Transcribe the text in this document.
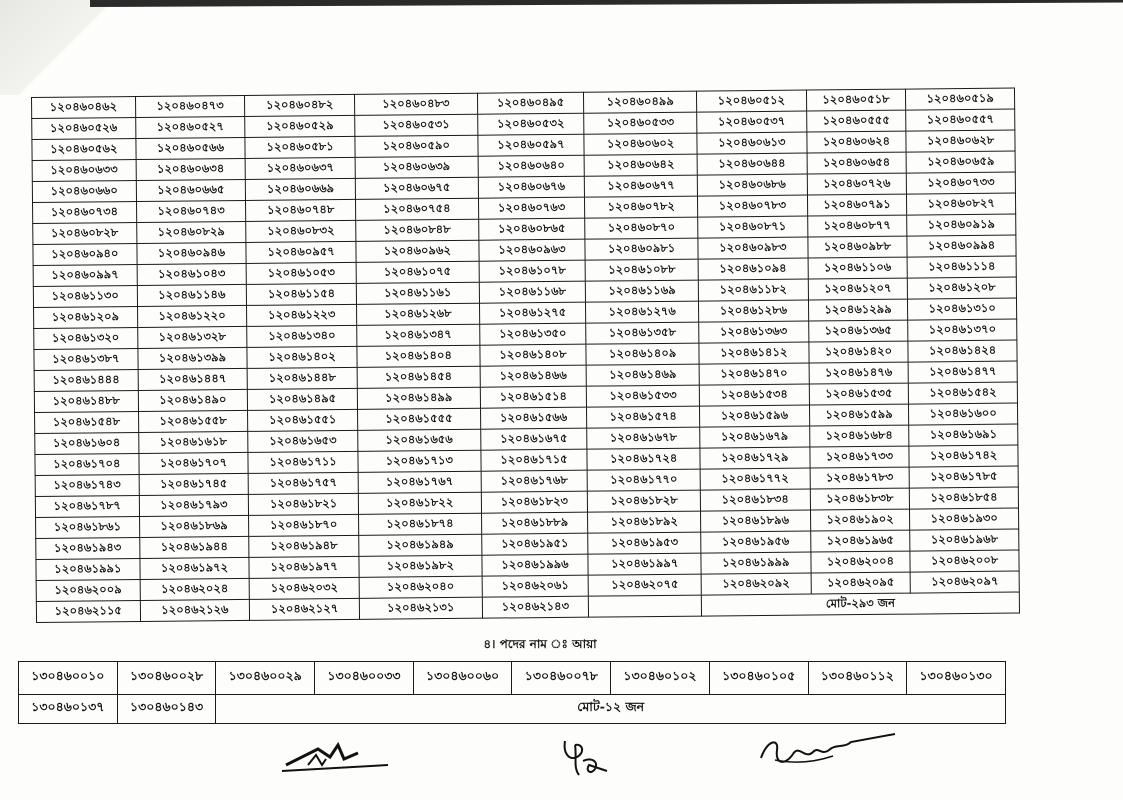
১২০৪৬০৪৬২	১২০৪৬০৪৭৩	১২০৪৬০৪৮২	১২০৪৬০৪৮৩	১২০৪৬০৪৯৫	১২০৪৬০৪৯৯	১২০৪৬০৫১২	১২০৪৬০৫১৮	১২০৪৬০৫১৯
১২০৪৬০৫২৬	১২০৪৬০৫২৭	১২০৪৬০৫২৯	১২০৪৬০৫৩১	১২০৪৬০৫৩২	১২০৪৬০৫৩৩	১২০৪৬০৫৩৭	১২০৪৬০৫৫৫	১২০৪৬০৫৫৭
১২০৪৬০৫৬২	১২০৪৬০৫৬৬	১২০৪৬০৫৮১	১২০৪৬০৫৯০	১২০৪৬০৫৯৭	১২০৪৬০৬০২	১২০৪৬০৬১৩	১২০৪৬০৬২৪	১২০৪৬০৬২৮
১২০৪৬০৬৩৩	১২০৪৬০৬৩৪	১২০৪৬০৬৩৭	১২০৪৬০৬৩৯	১২০৪৬০৬৪০	১২০৪৬০৬৪২	১২০৪৬০৬৪৪	১২০৪৬০৬৫৪	১২০৪৬০৬৫৯
১২০৪৬০৬৬০	১২০৪৬০৬৬৫	১২০৪৬০৬৬৯	১২০৪৬০৬৭৫	১২০৪৬০৬৭৬	১২০৪৬০৬৭৭	১২০৪৬০৬৮৬	১২০৪৬০৭২৬	১২০৪৬০৭৩৩
১২০৪৬০৭৩৪	১২০৪৬০৭৪৩	১২০৪৬০৭৪৮	১২০৪৬০৭৫৪	১২০৪৬০৭৬৩	১২০৪৬০৭৮২	১২০৪৬০৭৮৩	১২০৪৬০৭৯১	১২০৪৬০৮২৭
১২০৪৬০৮২৮	১২০৪৬০৮২৯	১২০৪৬০৮৩২	১২০৪৬০৮৪৮	১২০৪৬০৮৬৫	১২০৪৬০৮৭০	১২০৪৬০৮৭১	১২০৪৬০৮৭৭	১২০৪৬০৯১৯
১২০৪৬০৯৪০	১২০৪৬০৯৪৬	১২০৪৬০৯৫৭	১২০৪৬০৯৬২	১২০৪৬০৯৬৩	১২০৪৬০৯৮১	১২০৪৬০৯৮৩	১২০৪৬০৯৮৮	১২০৪৬০৯৯৪
১২০৪৬০৯৯৭	১২০৪৬১০৪৩	১২০৪৬১০৫৩	১২০৪৬১০৭৫	১২০৪৬১০৭৮	১২০৪৬১০৮৮	১২০৪৬১০৯৪	১২০৪৬১১০৬	১২০৪৬১১১৪
১২০৪৬১১৩০	১২০৪৬১১৪৬	১২০৪৬১১৫৪	১২০৪৬১১৬১	১২০৪৬১১৬৮	১২০৪৬১১৬৯	১২০৪৬১১৮২	১২০৪৬১২০৭	১২০৪৬১২০৮
১২০৪৬১২০৯	১২০৪৬১২২০	১২০৪৬১২২৩	১২০৪৬১২৬৮	১২০৪৬১২৭৫	১২০৪৬১২৭৬	১২০৪৬১২৮৬	১২০৪৬১২৯৯	১২০৪৬১৩১০
১২০৪৬১৩২০	১২০৪৬১৩২৮	১২০৪৬১৩৪০	১২০৪৬১৩৪৭	১২০৪৬১৩৫০	১২০৪৬১৩৫৮	১২০৪৬১৩৬৩	১২০৪৬১৩৬৫	১২০৪৬১৩৭০
১২০৪৬১৩৮৭	১২০৪৬১৩৯৯	১২০৪৬১৪০২	১২০৪৬১৪০৪	১২০৪৬১৪০৮	১২০৪৬১৪০৯	১২০৪৬১৪১২	১২০৪৬১৪২০	১২০৪৬১৪২৪
১২০৪৬১৪৪৪	১২০৪৬১৪৪৭	১২০৪৬১৪৪৮	১২০৪৬১৪৫৪	১২০৪৬১৪৬৬	১২০৪৬১৪৬৯	১২০৪৬১৪৭০	১২০৪৬১৪৭৬	১২০৪৬১৪৭৭
১২০৪৬১৪৮৮	১২০৪৬১৪৯০	১২০৪৬১৪৯৫	১২০৪৬১৪৯৯	১২০৪৬১৫১৪	১২০৪৬১৫৩৩	১২০৪৬১৫৩৪	১২০৪৬১৫৩৫	১২০৪৬১৫৪২
১২০৪৬১৫৪৮	১২০৪৬১৫৫৮	১২০৪৬১৫৫১	১২০৪৬১৫৫৫	১২০৪৬১৫৬৬	১২০৪৬১৫৭৪	১২০৪৬১৫৯৬	১২০৪৬১৫৯৯	১২০৪৬১৬০০
১২০৪৬১৬০৪	১২০৪৬১৬১৮	১২০৪৬১৬৫৩	১২০৪৬১৬৫৬	১২০৪৬১৬৭৫	১২০৪৬১৬৭৮	১২০৪৬১৬৭৯	১২০৪৬১৬৮৪	১২০৪৬১৬৯১
১২০৪৬১৭০৪	১২০৪৬১৭০৭	১২০৪৬১৭১১	১২০৪৬১৭১৩	১২০৪৬১৭১৫	১২০৪৬১৭২৪	১২০৪৬১৭২৯	১২০৪৬১৭৩৩	১২০৪৬১৭৪২
১২০৪৬১৭৪৩	১২০৪৬১৭৪৫	১২০৪৬১৭৫৭	১২০৪৬১৭৬৭	১২০৪৬১৭৬৮	১২০৪৬১৭৭০	১২০৪৬১৭৭২	১২০৪৬১৭৮৩	১২০৪৬১৭৮৫
১২০৪৬১৭৮৭	১২০৪৬১৭৯৩	১২০৪৬১৮২১	১২০৪৬১৮২২	১২০৪৬১৮২৩	১২০৪৬১৮২৮	১২০৪৬১৮৩৪	১২০৪৬১৮৩৮	১২০৪৬১৮৫৪
১২০৪৬১৮৬১	১২০৪৬১৮৬৯	১২০৪৬১৮৭০	১২০৪৬১৮৭৪	১২০৪৬১৮৮৯	১২০৪৬১৮৯২	১২০৪৬১৮৯৬	১২০৪৬১৯০২	১২০৪৬১৯৩০
১২০৪৬১৯৪৩	১২০৪৬১৯৪৪	১২০৪৬১৯৪৮	১২০৪৬১৯৪৯	১২০৪৬১৯৫১	১২০৪৬১৯৫৩	১২০৪৬১৯৫৬	১২০৪৬১৯৬৫	১২০৪৬১৯৬৮
১২০৪৬১৯৯১	১২০৪৬১৯৭২	১২০৪৬১৯৭৭	১২০৪৬১৯৮২	১২০৪৬১৯৯৬	১২০৪৬১৯৯৭	১২০৪৬১৯৯৯	১২০৪৬২০০৪	১২০৪৬২০০৮
১২০৪৬২০০৯	১২০৪৬২০২৪	১২০৪৬২০৩২	১২০৪৬২০৪০	১২০৪৬২০৬১	১২০৪৬২০৭৫	১২০৪৬২০৯২	১২০৪৬২০৯৫	১২০৪৬২০৯৭
১২০৪৬২১১৫	১২০৪৬২১২৬	১২০৪৬২১২৭	১২০৪৬২১৩১	১২০৪৬২১৪৩		মোট-২৯৩ জন		
৪। পদের নাম ঃ আয়া
১৩০৪৬০০১০	১৩০৪৬০০২৮	১৩০৪৬০০২৯	১৩০৪৬০০৩৩	১৩০৪৬০০৬০	১৩০৪৬০০৭৮	১৩০৪৬০১০২	১৩০৪৬০১০৫	১৩০৪৬০১১২	১৩০৪৬০১৩০
১৩০৪৬০১৩৭	১৩০৪৬০১৪৩	মোট-১২ জন							
